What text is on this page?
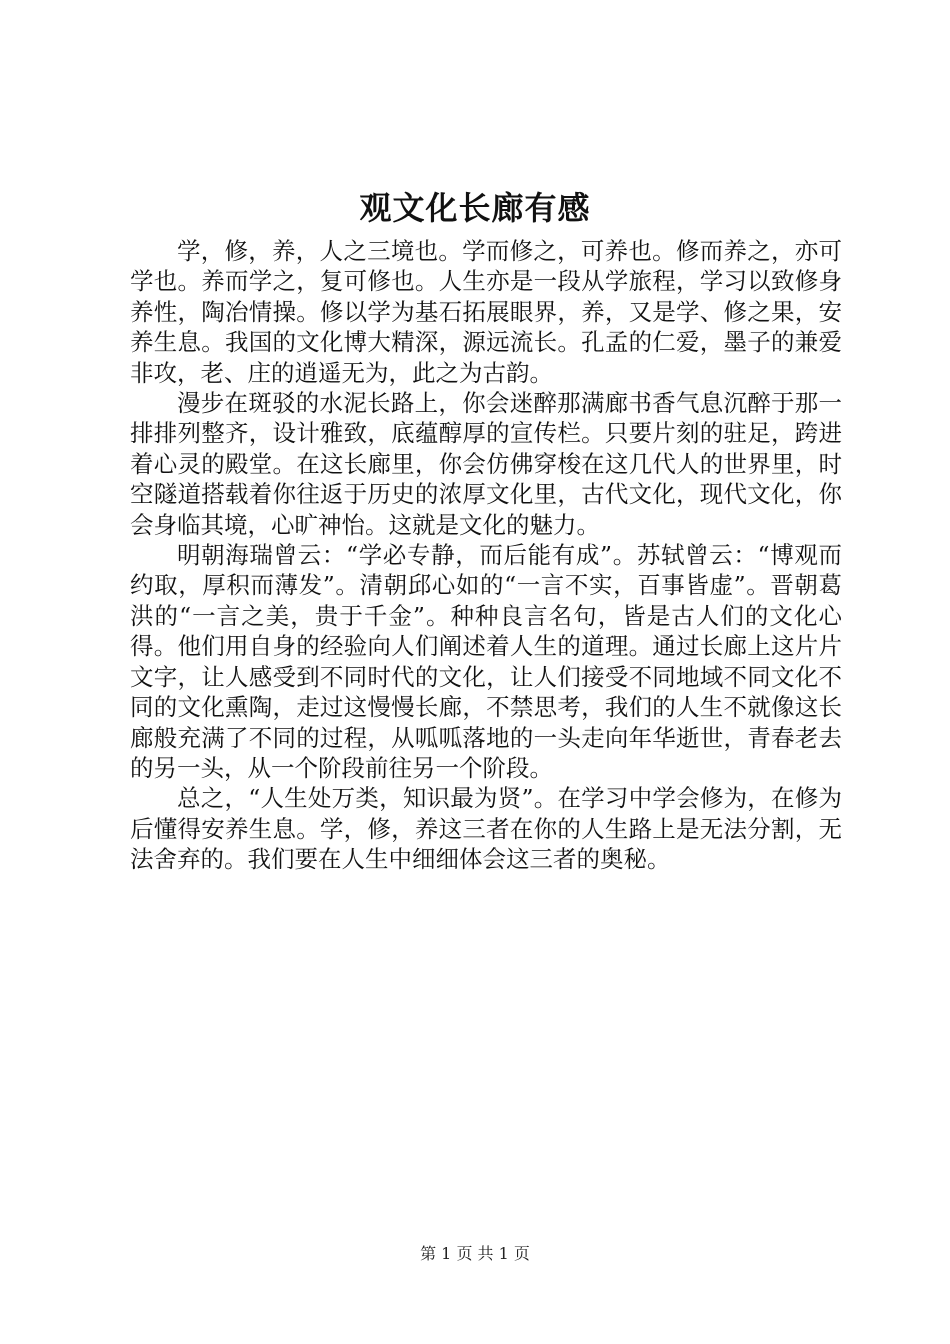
观文化长廊有感

学，修，养，人之三境也。学而修之，可养也。修而养之，亦可学也。养而学之，复可修也。人生亦是一段从学旅程，学习以致修身养性，陶冶情操。修以学为基石拓展眼界，养，又是学、修之果，安养生息。我国的文化博大精深，源远流长。孔孟的仁爱，墨子的兼爱非攻，老、庄的逍遥无为，此之为古韵。

漫步在斑驳的水泥长路上，你会迷醉那满廊书香气息沉醉于那一排排列整齐，设计雅致，底蕴醇厚的宣传栏。只要片刻的驻足，跨进着心灵的殿堂。在这长廊里，你会仿佛穿梭在这几代人的世界里，时空隧道搭载着你往返于历史的浓厚文化里，古代文化，现代文化，你会身临其境，心旷神怡。这就是文化的魅力。

明朝海瑞曾云：“学必专静，而后能有成”。苏轼曾云：“博观而约取，厚积而薄发”。清朝邱心如的“一言不实，百事皆虚”。晋朝葛洪的“一言之美，贵于千金”。种种良言名句，皆是古人们的文化心得。他们用自身的经验向人们阐述着人生的道理。通过长廊上这片片文字，让人感受到不同时代的文化，让人们接受不同地域不同文化不同的文化熏陶，走过这慢慢长廊，不禁思考，我们的人生不就像这长廊般充满了不同的过程，从呱呱落地的一头走向年华逝世，青春老去的另一头，从一个阶段前往另一个阶段。

总之，“人生处万类，知识最为贤”。在学习中学会修为，在修为后懂得安养生息。学，修，养这三者在你的人生路上是无法分割，无法舍弃的。我们要在人生中细细体会这三者的奥秘。

第 1 页 共 1 页
